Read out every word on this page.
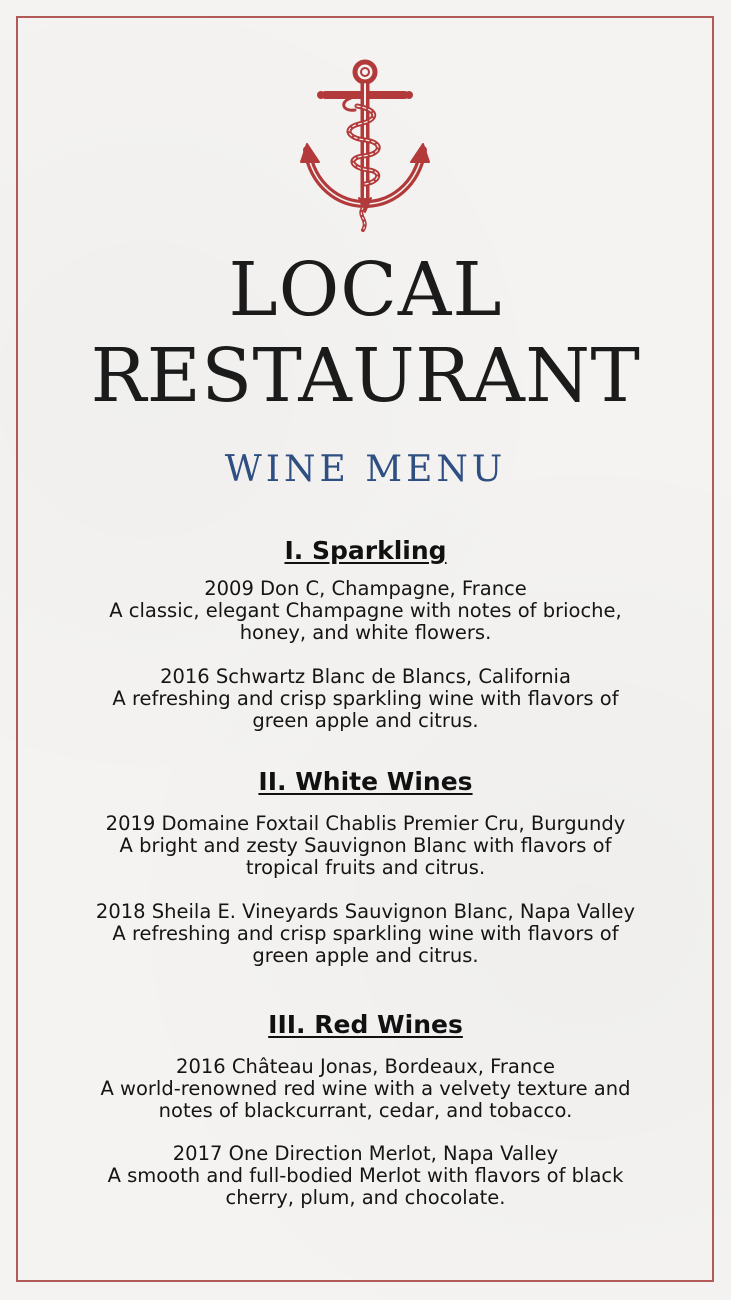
LOCAL
RESTAURANT
WINE MENU
I. Sparkling
2009 Don C, Champagne, France
A classic, elegant Champagne with notes of brioche,
honey, and white flowers.
2016 Schwartz Blanc de Blancs, California
A refreshing and crisp sparkling wine with flavors of
green apple and citrus.
II. White Wines
2019 Domaine Foxtail Chablis Premier Cru, Burgundy
A bright and zesty Sauvignon Blanc with flavors of
tropical fruits and citrus.
2018 Sheila E. Vineyards Sauvignon Blanc, Napa Valley
A refreshing and crisp sparkling wine with flavors of
green apple and citrus.
III. Red Wines
2016 Château Jonas, Bordeaux, France
A world-renowned red wine with a velvety texture and
notes of blackcurrant, cedar, and tobacco.
2017 One Direction Merlot, Napa Valley
A smooth and full-bodied Merlot with flavors of black
cherry, plum, and chocolate.
